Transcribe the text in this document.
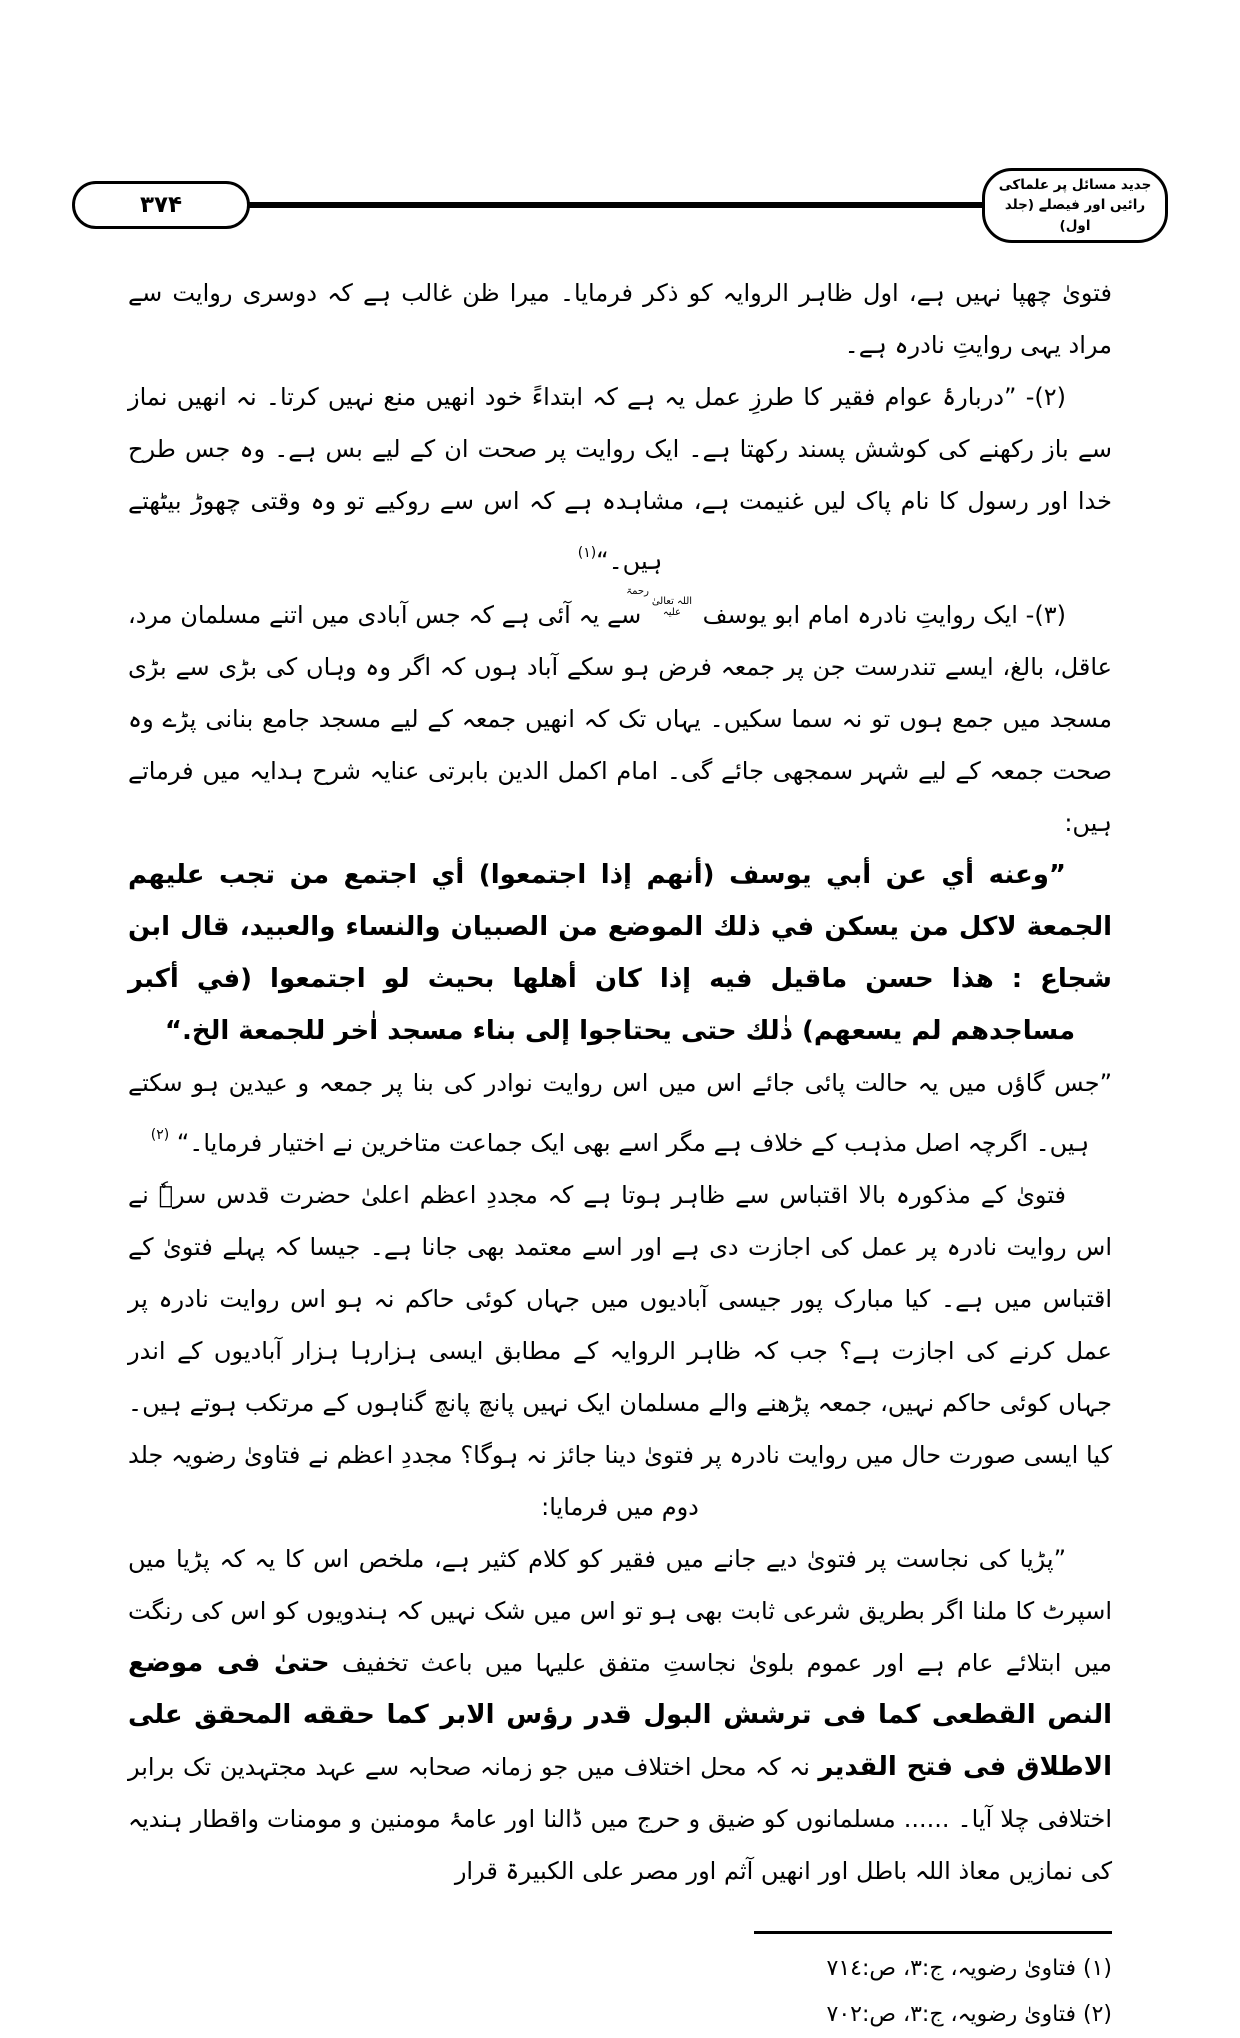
جدید مسائل پر علماکی رائیں اور فیصلے (جلد اول)
۳۷۴

فتویٰ چھپا نہیں ہے، اول ظاہر الروایہ کو ذکر فرمایا۔ میرا ظن غالب ہے کہ دوسری روایت سے مراد یہی روایتِ نادرہ ہے۔

(۲)- ”دربارۂ عوام فقیر کا طرزِ عمل یہ ہے کہ ابتداءً خود انھیں منع نہیں کرتا۔ نہ انھیں نماز سے باز رکھنے کی کوشش پسند رکھتا ہے۔ ایک روایت پر صحت ان کے لیے بس ہے۔ وہ جس طرح خدا اور رسول کا نام پاک لیں غنیمت ہے، مشاہدہ ہے کہ اس سے روکیے تو وہ وقتی چھوڑ بیٹھتے ہیں۔“$^{(۱)}$

(۳)- ایک روایتِ نادرہ امام ابو یوسف رحمۃ اللہ تعالیٰ علیہ سے یہ آئی ہے کہ جس آبادی میں اتنے مسلمان مرد، عاقل، بالغ، ایسے تندرست جن پر جمعہ فرض ہو سکے آباد ہوں کہ اگر وہ وہاں کی بڑی سے بڑی مسجد میں جمع ہوں تو نہ سما سکیں۔ یہاں تک کہ انھیں جمعہ کے لیے مسجد جامع بنانی پڑے وہ صحت جمعہ کے لیے شہر سمجھی جائے گی۔ امام اکمل الدین بابرتی عنایہ شرح ہدایہ میں فرماتے ہیں:

”وعنه أي عن أبي يوسف (أنهم إذا اجتمعوا) أي اجتمع من تجب عليهم الجمعة لاكل من يسكن في ذلك الموضع من الصبيان والنساء والعبيد، قال ابن شجاع : هذا حسن ماقيل فيه إذا كان أهلها بحيث لو اجتمعوا (في أكبر مساجدهم لم يسعهم) ذٰلك حتى يحتاجوا إلى بناء مسجد اٰخر للجمعة الخ.“

”جس گاؤں میں یہ حالت پائی جائے اس میں اس روایت نوادر کی بنا پر جمعہ و عیدین ہو سکتے ہیں۔ اگرچہ اصل مذہب کے خلاف ہے مگر اسے بھی ایک جماعت متاخرین نے اختیار فرمایا۔“ $^{(۲)}$

فتویٰ کے مذکورہ بالا اقتباس سے ظاہر ہوتا ہے کہ مجددِ اعظم اعلیٰ حضرت قدس سرہٗ نے اس روایت نادرہ پر عمل کی اجازت دی ہے اور اسے معتمد بھی جانا ہے۔ جیسا کہ پہلے فتویٰ کے اقتباس میں ہے۔ کیا مبارک پور جیسی آبادیوں میں جہاں کوئی حاکم نہ ہو اس روایت نادرہ پر عمل کرنے کی اجازت ہے؟ جب کہ ظاہر الروایہ کے مطابق ایسی ہزارہا ہزار آبادیوں کے اندر جہاں کوئی حاکم نہیں، جمعہ پڑھنے والے مسلمان ایک نہیں پانچ پانچ گناہوں کے مرتکب ہوتے ہیں۔ کیا ایسی صورت حال میں روایت نادرہ پر فتویٰ دینا جائز نہ ہوگا؟ مجددِ اعظم نے فتاویٰ رضویہ جلد دوم میں فرمایا:

”پڑیا کی نجاست پر فتویٰ دیے جانے میں فقیر کو کلام کثیر ہے، ملخص اس کا یہ کہ پڑیا میں اسپرٹ کا ملنا اگر بطریق شرعی ثابت بھی ہو تو اس میں شک نہیں کہ ہندویوں کو اس کی رنگت میں ابتلائے عام ہے اور عموم بلویٰ نجاستِ متفق علیہا میں باعث تخفیف حتیٰ فی موضع النص القطعی کما فی ترشش البول قدر رؤس الابر کما حققه المحقق علی الاطلاق فی فتح القدیر نہ کہ محل اختلاف میں جو زمانہ صحابہ سے عہد مجتہدین تک برابر اختلافی چلا آیا۔ ...... مسلمانوں کو ضیق و حرج میں ڈالنا اور عامۂ مومنین و مومنات واقطار ہندیہ کی نمازیں معاذ اللہ باطل اور انھیں آثم اور مصر علی الکبیرۃ قرار

(۱) فتاویٰ رضویہ، ج:۳، ص:۷۱٤
(۲) فتاویٰ رضویہ، ج:۳، ص:۷۰۲
